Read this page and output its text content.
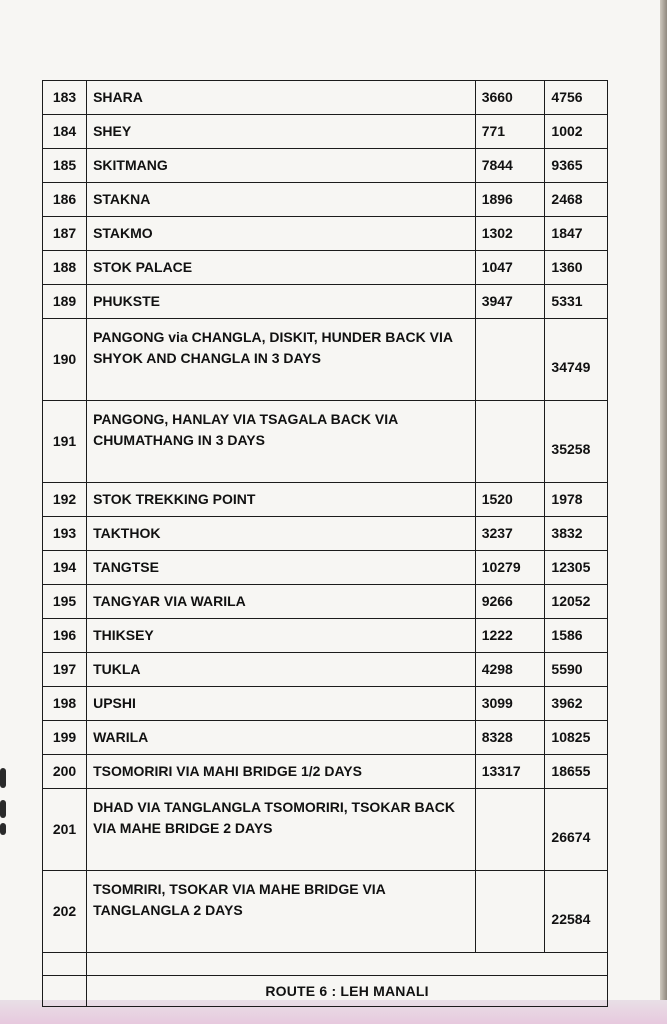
183	SHARA	3660	4756
184	SHEY	771	1002
185	SKITMANG	7844	9365
186	STAKNA	1896	2468
187	STAKMO	1302	1847
188	STOK PALACE	1047	1360
189	PHUKSTE	3947	5331
190	PANGONG via CHANGLA, DISKIT, HUNDER BACK VIA SHYOK AND CHANGLA IN 3 DAYS		34749
191	PANGONG, HANLAY VIA TSAGALA BACK VIA CHUMATHANG IN 3 DAYS		35258
192	STOK TREKKING POINT	1520	1978
193	TAKTHOK	3237	3832
194	TANGTSE	10279	12305
195	TANGYAR VIA WARILA	9266	12052
196	THIKSEY	1222	1586
197	TUKLA	4298	5590
198	UPSHI	3099	3962
199	WARILA	8328	10825
200	TSOMORIRI VIA MAHI BRIDGE 1/2 DAYS	13317	18655
201	DHAD VIA TANGLANGLA TSOMORIRI, TSOKAR BACK VIA MAHE BRIDGE 2 DAYS		26674
202	TSOMRIRI, TSOKAR VIA MAHE BRIDGE VIA TANGLANGLA 2 DAYS		22584

	ROUTE 6 : LEH MANALI		
